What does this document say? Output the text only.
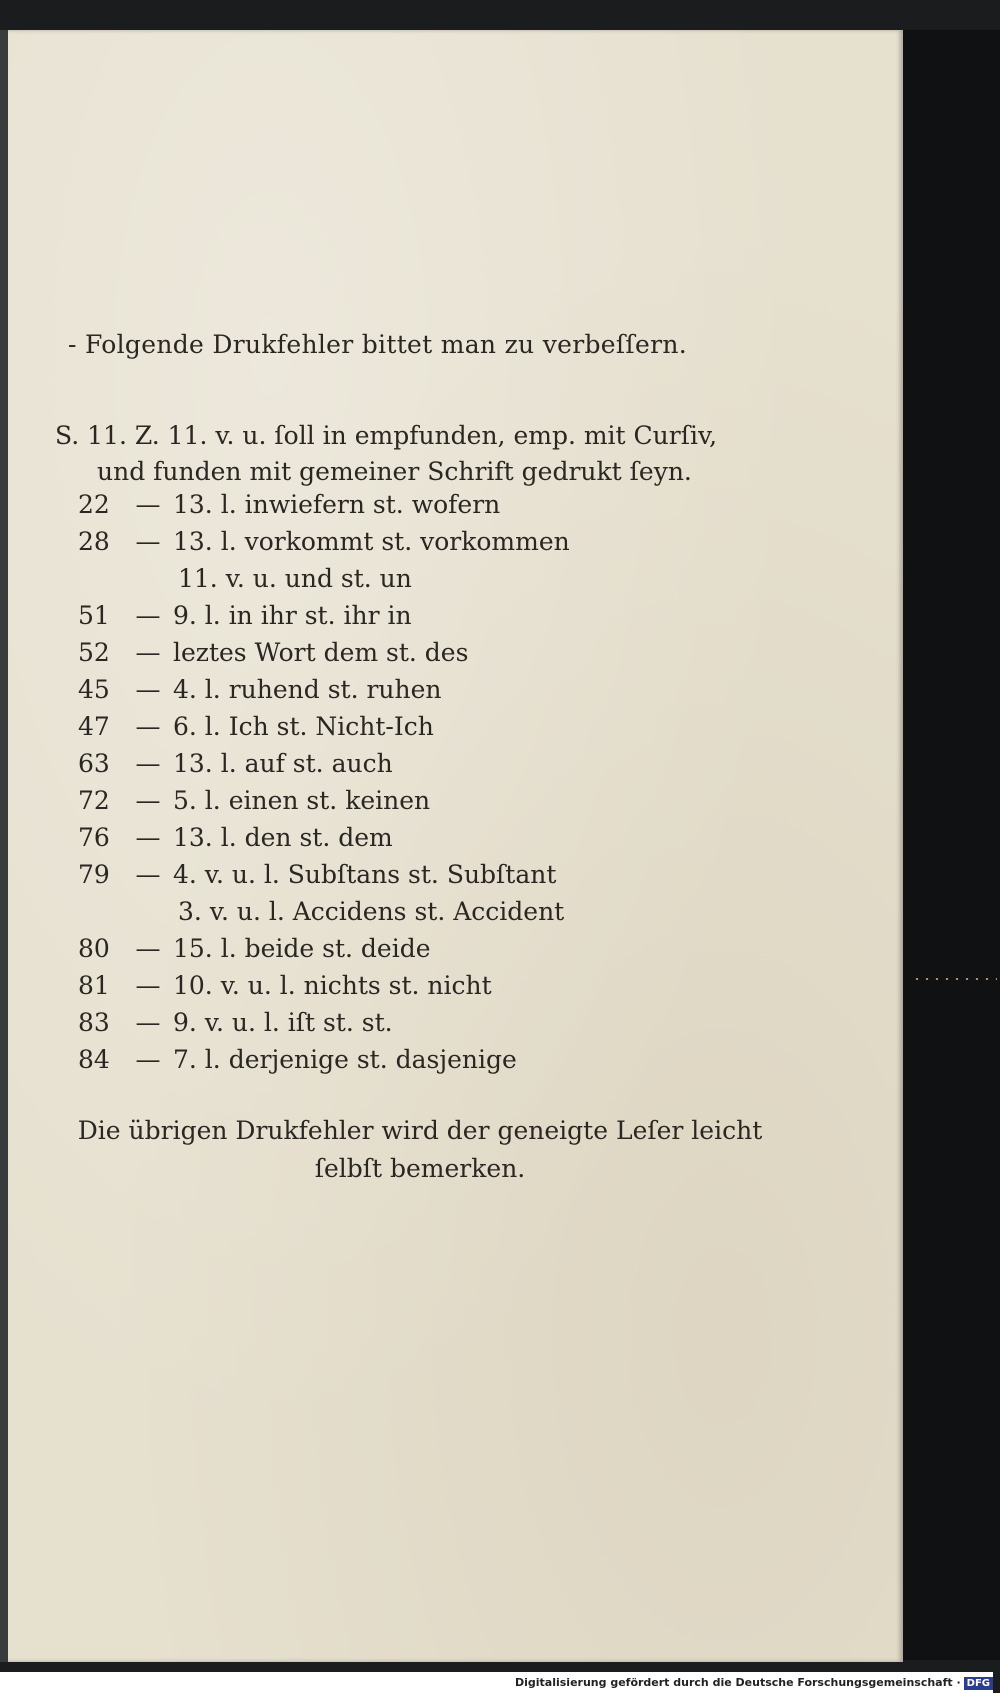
- Folgende Drukfehler bittet man zu verbeſſern.
S. 11. Z. 11. v. u. ſoll in empfunden, emp. mit Curſiv,
und funden mit gemeiner Schrift gedrukt ſeyn.
22	— 13. l. inwiefern st. wofern
28	— 13. l. vorkommt st. vorkommen
11. v. u. und st. un
51	— 9. l. in ihr st. ihr in
52	— leztes Wort dem st. des
45	— 4. l. ruhend st. ruhen
47	— 6. l. Ich st. Nicht-Ich
63	— 13. l. auf st. auch
72	— 5. l. einen st. keinen
76	— 13. l. den st. dem
79	— 4. v. u. l. Subſtans st. Subſtant
3. v. u. l. Accidens st. Accident
80	— 15. l. beide st. deide
81	— 10. v. u. l. nichts st. nicht
83	— 9. v. u. l. iſt st. st.
84	— 7. l. derjenige st. dasjenige
Die übrigen Drukfehler wird der geneigte Leſer leicht
ſelbſt bemerken.
Digitalisierung gefördert durch die Deutsche Forschungsgemeinschaft · DFG
